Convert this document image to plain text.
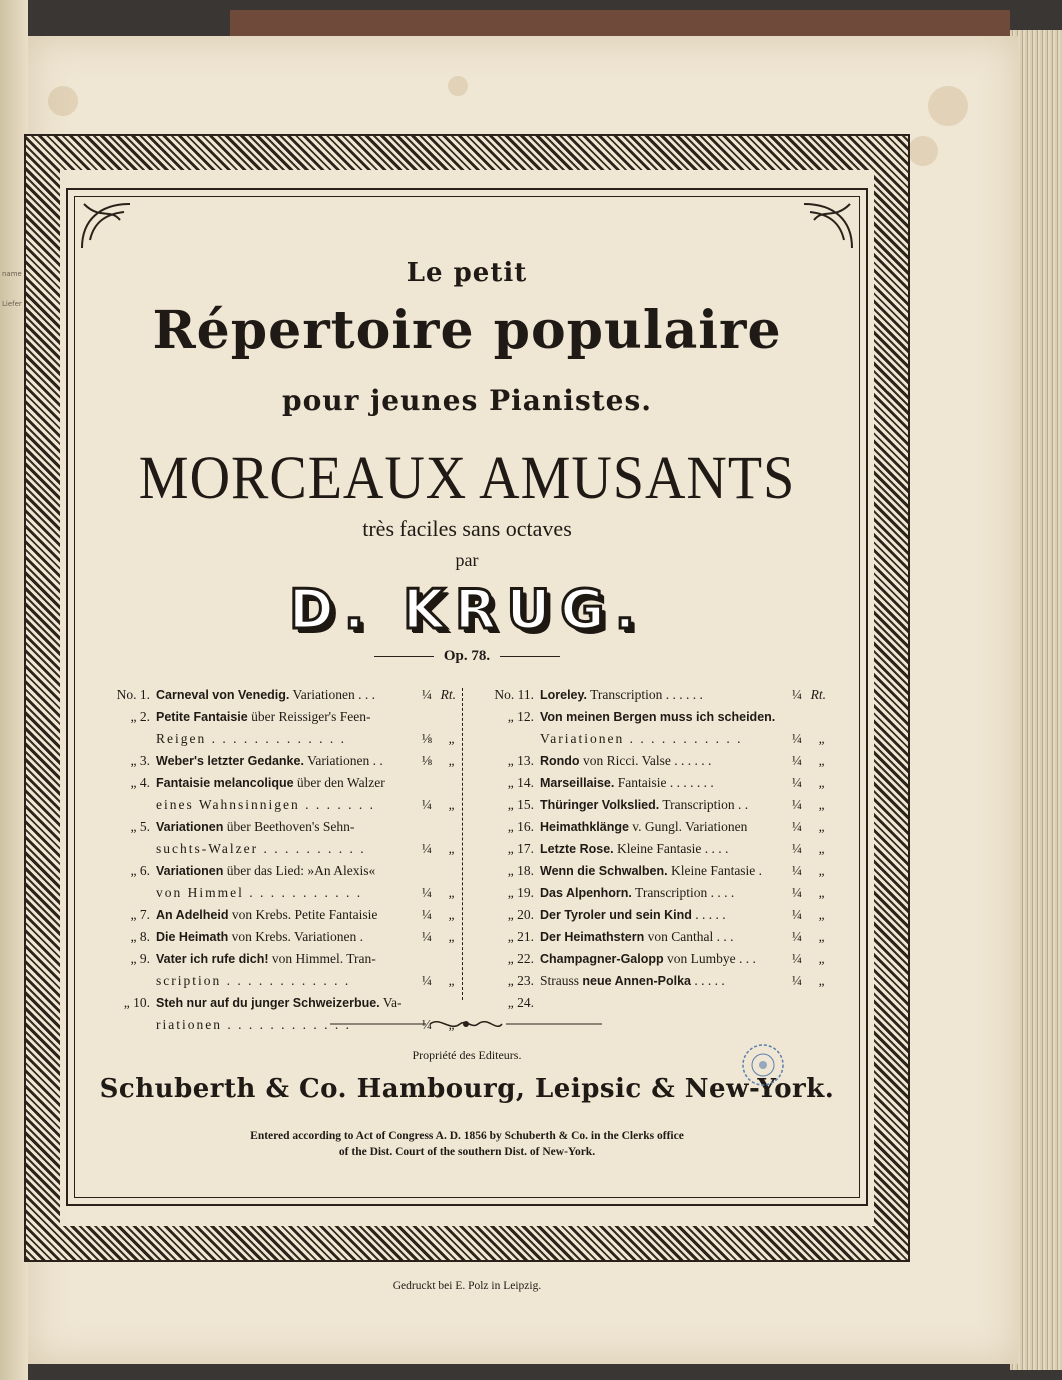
name
Liefer
Le petit
Répertoire populaire
pour jeunes Pianistes.
MORCEAUX AMUSANTS
très faciles sans octaves
par
D. KRUG.
Op. 78.
No. 1. Carneval von Venedig. Variationen . . .	¼ Rt.
„ 2. Petite Fantaisie über Reissiger's Feen-
Reigen . . . . . . . . . . . . .	⅛ „
„ 3. Weber's letzter Gedanke. Variationen . .	⅛ „
„ 4. Fantaisie melancolique über den Walzer
eines Wahnsinnigen . . . . . . .	¼ „
„ 5. Variationen über Beethoven's Sehn-
suchts-Walzer . . . . . . . . . .	¼ „
„ 6. Variationen über das Lied: »An Alexis«
von Himmel . . . . . . . . . . .	¼ „
„ 7. An Adelheid von Krebs. Petite Fantaisie	¼ „
„ 8. Die Heimath von Krebs. Variationen .	¼ „
„ 9. Vater ich rufe dich! von Himmel. Tran-
scription . . . . . . . . . . . .	¼ „
„ 10. Steh nur auf du junger Schweizerbue. Va-
riationen . . . . . . . . . . . .	¼ „
No. 11. Loreley. Transcription . . . . . .	¼ Rt.
„ 12. Von meinen Bergen muss ich scheiden.
Variationen . . . . . . . . . . .	¼ „
„ 13. Rondo von Ricci. Valse . . . . . .	¼ „
„ 14. Marseillaise. Fantaisie . . . . . . .	¼ „
„ 15. Thüringer Volkslied. Transcription . .	¼ „
„ 16. Heimathklänge v. Gungl. Variationen	¼ „
„ 17. Letzte Rose. Kleine Fantasie . . . .	¼ „
„ 18. Wenn die Schwalben. Kleine Fantasie . ¼ „
„ 19. Das Alpenhorn. Transcription . . . .	¼ „
„ 20. Der Tyroler und sein Kind . . . . .	¼ „
„ 21. Der Heimathstern von Canthal . . .	¼ „
„ 22. Champagner-Galopp von Lumbye . . .	¼ „
„ 23. Strauss neue Annen-Polka . . . . .	¼ „
„ 24.
Propriété des Editeurs.
Schuberth & Co. Hambourg, Leipsic & New-York.
Entered according to Act of Congress A. D. 1856 by Schuberth & Co. in the Clerks office
of the Dist. Court of the southern Dist. of New-York.
Gedruckt bei E. Polz in Leipzig.
